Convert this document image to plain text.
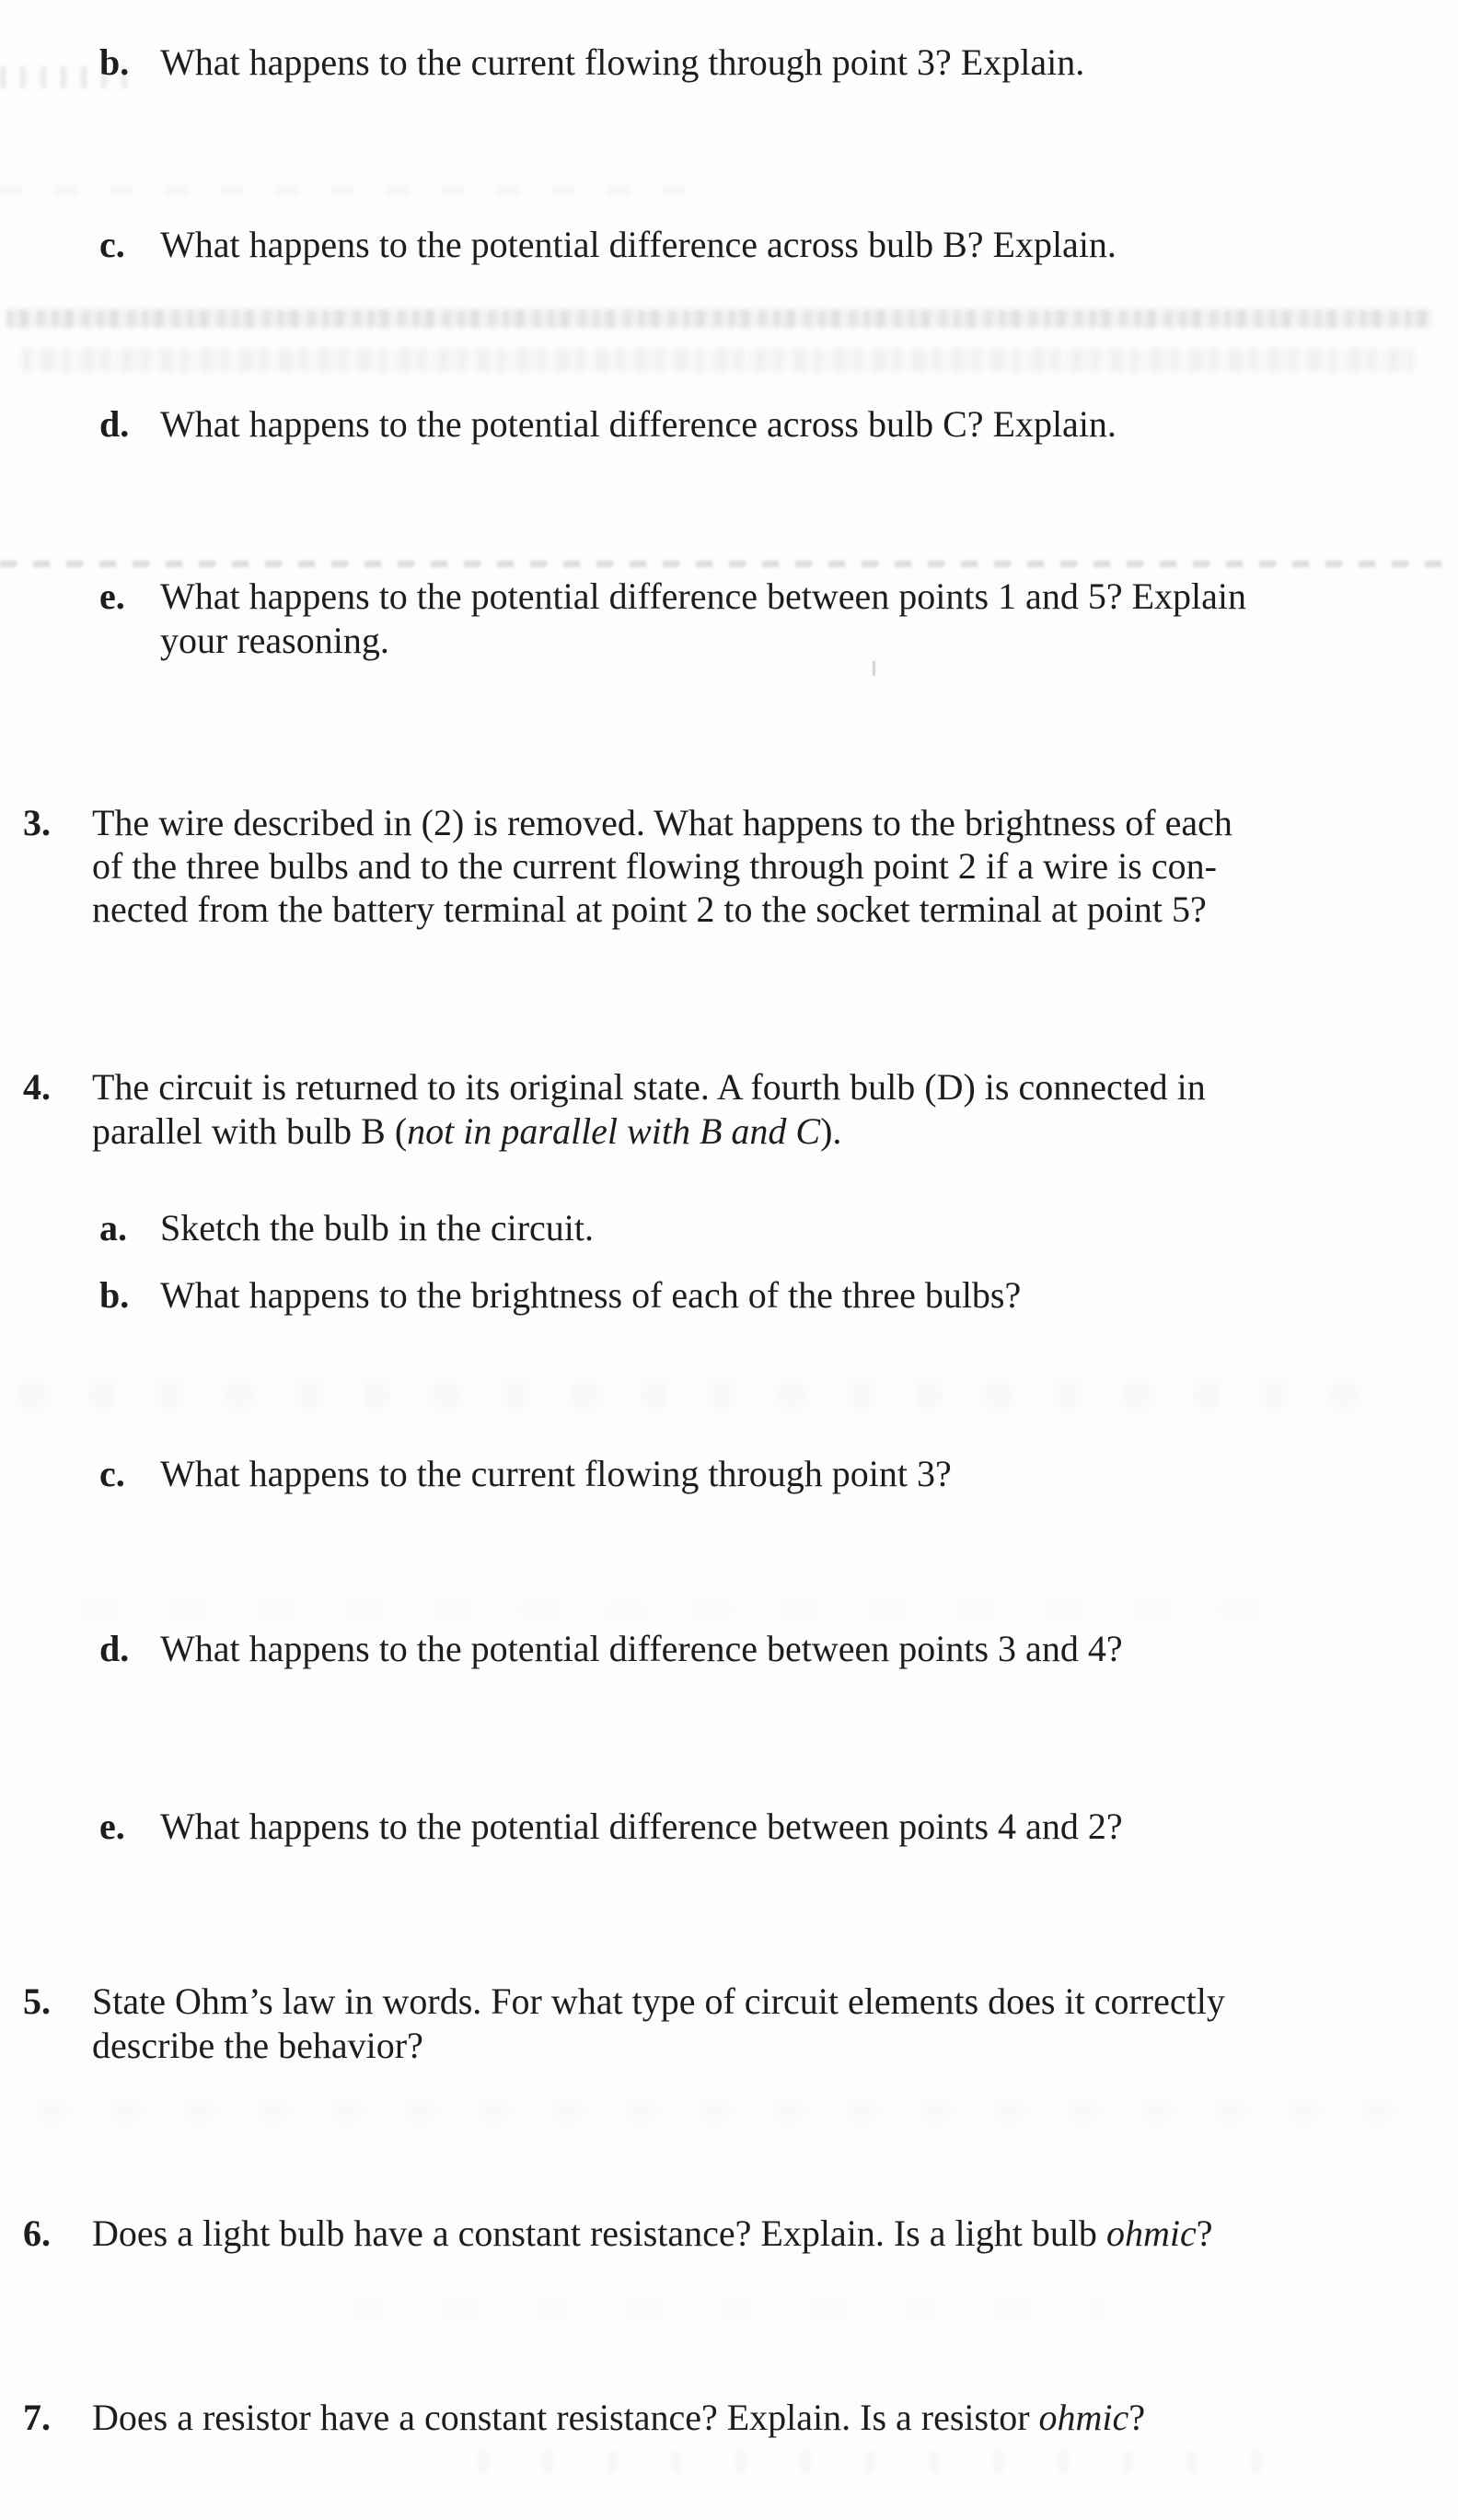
b. What happens to the current flowing through point 3? Explain.
c. What happens to the potential difference across bulb B? Explain.
d. What happens to the potential difference across bulb C? Explain.
e. What happens to the potential difference between points 1 and 5? Explain
your reasoning.
3. The wire described in (2) is removed. What happens to the brightness of each
of the three bulbs and to the current flowing through point 2 if a wire is con-
nected from the battery terminal at point 2 to the socket terminal at point 5?
4. The circuit is returned to its original state. A fourth bulb (D) is connected in
parallel with bulb B (not in parallel with B and C).
a. Sketch the bulb in the circuit.
b. What happens to the brightness of each of the three bulbs?
c. What happens to the current flowing through point 3?
d. What happens to the potential difference between points 3 and 4?
e. What happens to the potential difference between points 4 and 2?
5. State Ohm’s law in words. For what type of circuit elements does it correctly
describe the behavior?
6. Does a light bulb have a constant resistance? Explain. Is a light bulb ohmic?
7. Does a resistor have a constant resistance? Explain. Is a resistor ohmic?
